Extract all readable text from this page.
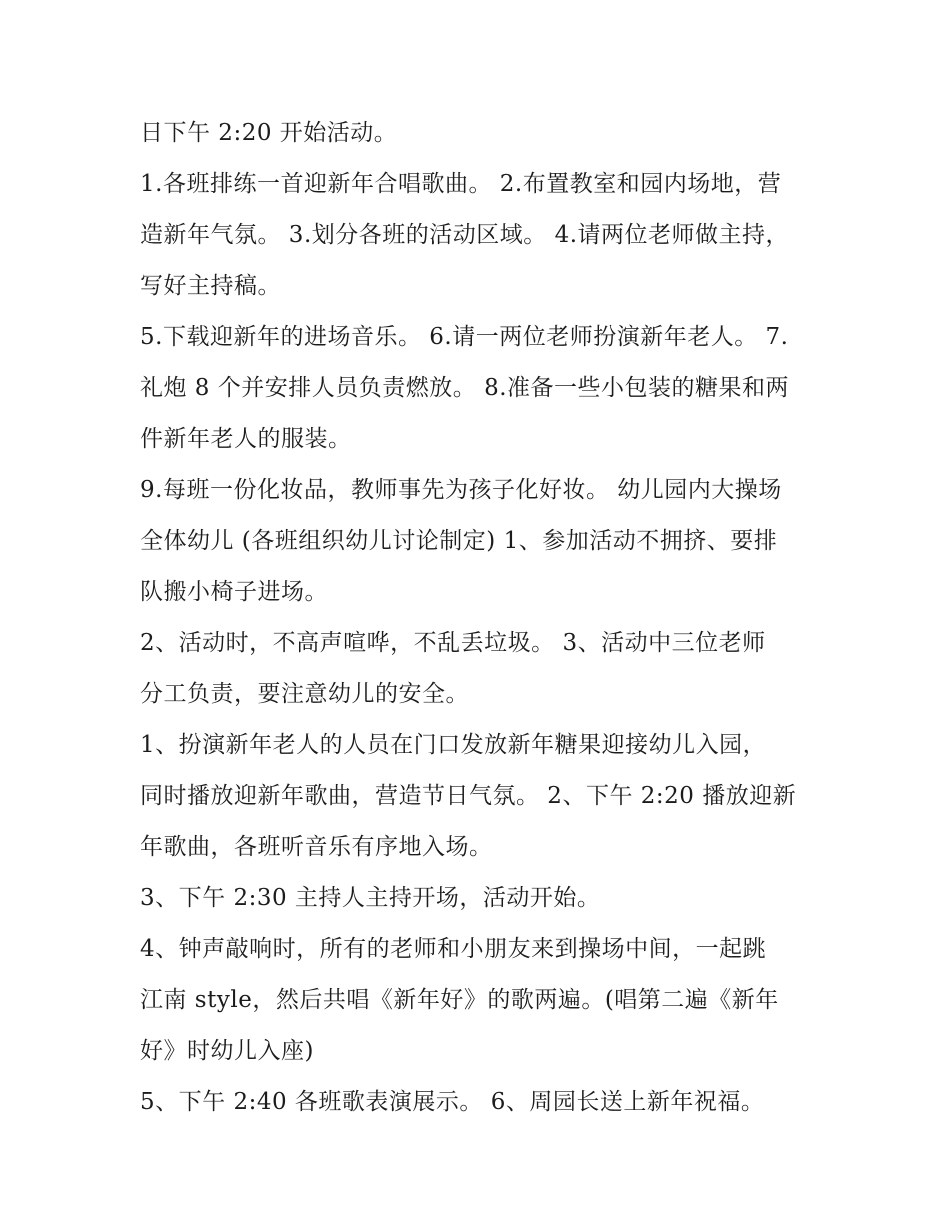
日下午 2:20 开始活动。

1.各班排练一首迎新年合唱歌曲。 2.布置教室和园内场地，营
造新年气氛。 3.划分各班的活动区域。 4.请两位老师做主持，
写好主持稿。

5.下载迎新年的进场音乐。 6.请一两位老师扮演新年老人。 7.
礼炮 8 个并安排人员负责燃放。 8.准备一些小包装的糖果和两
件新年老人的服装。

9.每班一份化妆品，教师事先为孩子化好妆。 幼儿园内大操场
全体幼儿 (各班组织幼儿讨论制定) 1、参加活动不拥挤、要排
队搬小椅子进场。

2、活动时，不高声喧哗，不乱丢垃圾。 3、活动中三位老师
分工负责，要注意幼儿的安全。

1、扮演新年老人的人员在门口发放新年糖果迎接幼儿入园，
同时播放迎新年歌曲，营造节日气氛。 2、下午 2:20 播放迎新
年歌曲，各班听音乐有序地入场。

3、下午 2:30 主持人主持开场，活动开始。

4、钟声敲响时，所有的老师和小朋友来到操场中间，一起跳
江南 style，然后共唱《新年好》的歌两遍。(唱第二遍《新年
好》时幼儿入座)

5、下午 2:40 各班歌表演展示。 6、周园长送上新年祝福。
